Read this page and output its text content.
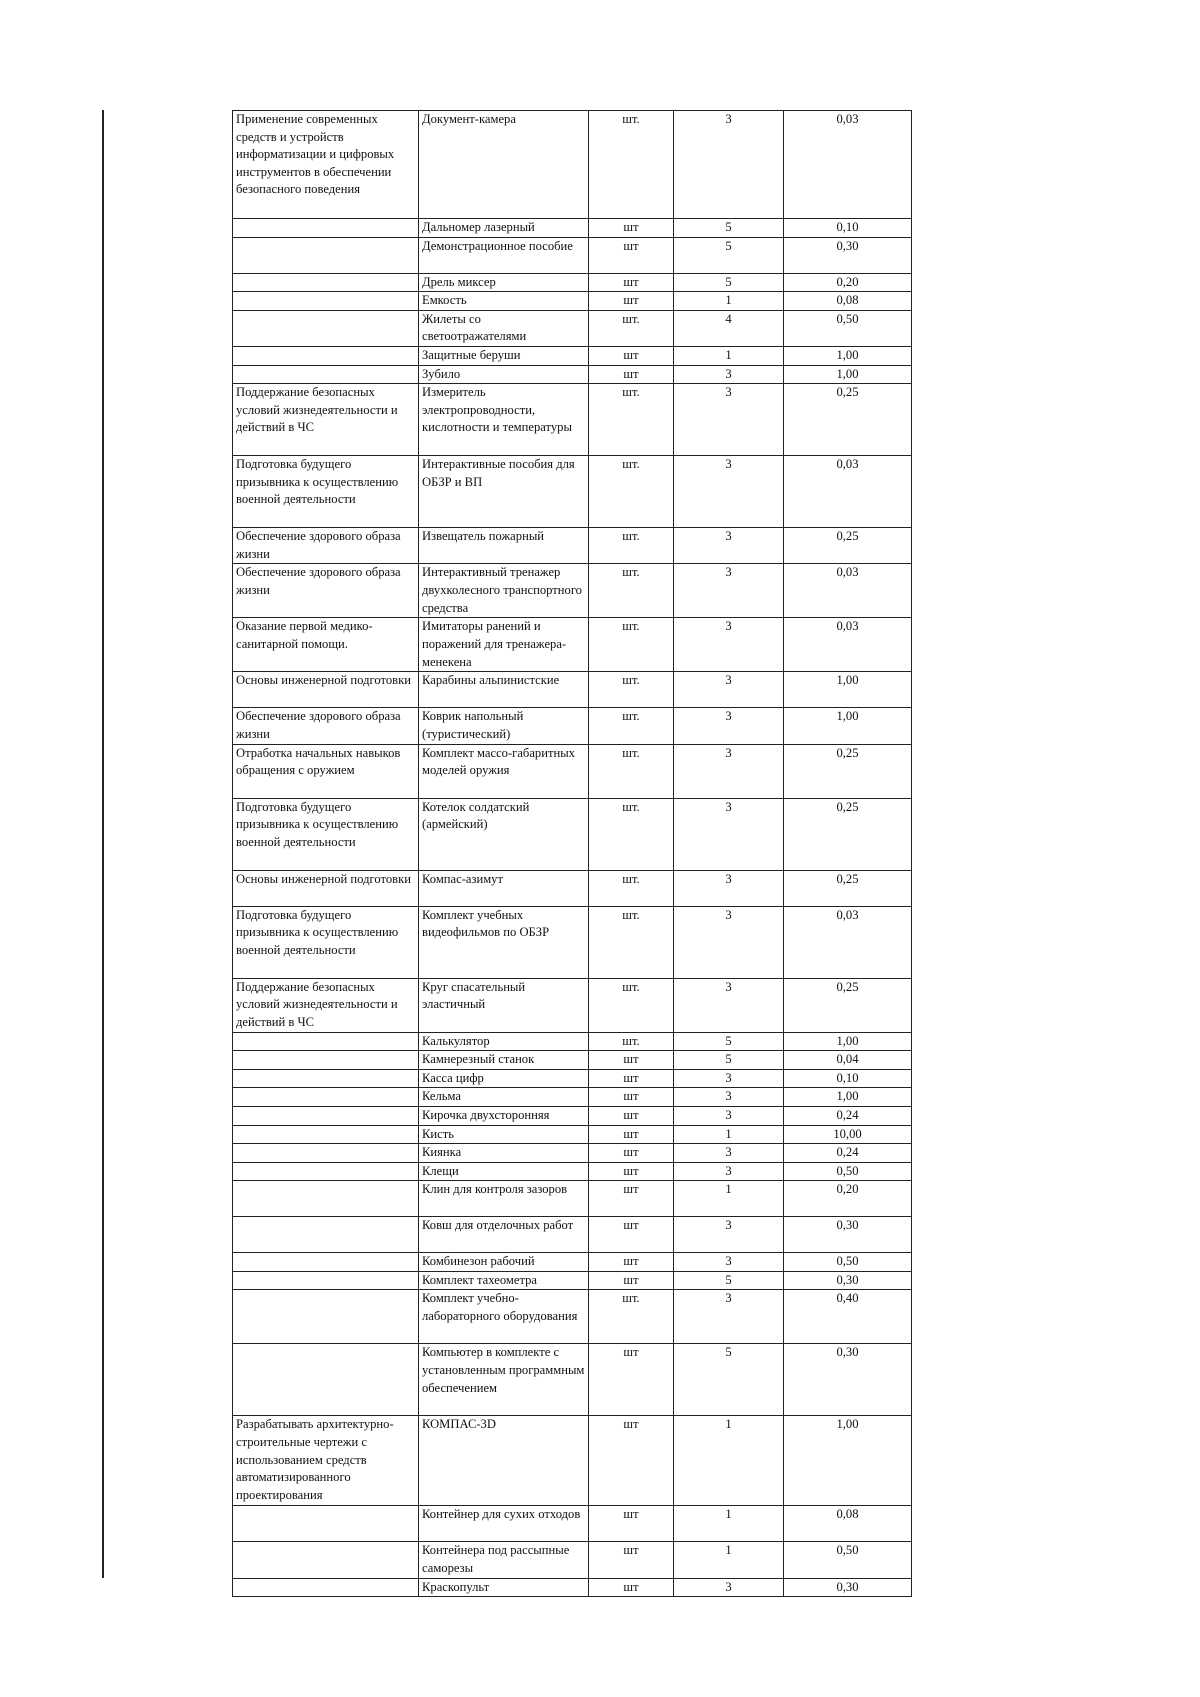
Применение современных средств и устройств информатизации и цифровых инструментов в обеспечении безопасного поведения	Документ-камера	шт.	3	0,03
	Дальномер лазерный	шт	5	0,10
	Демонстрационное пособие	шт	5	0,30
	Дрель миксер	шт	5	0,20
	Емкость	шт	1	0,08
	Жилеты со светоотражателями	шт.	4	0,50
	Защитные беруши	шт	1	1,00
	Зубило	шт	3	1,00
Поддержание безопасных условий жизнедеятельности и действий в ЧС	Измеритель электропроводности, кислотности и температуры	шт.	3	0,25
Подготовка будущего призывника к осуществлению военной деятельности	Интерактивные пособия для ОБЗР и ВП	шт.	3	0,03
Обеспечение здорового образа жизни	Извещатель пожарный	шт.	3	0,25
Обеспечение здорового образа жизни	Интерактивный тренажер двухколесного транспортного средства	шт.	3	0,03
Оказание первой медико-санитарной помощи.	Имитаторы ранений и поражений для тренажера-менекена	шт.	3	0,03
Основы инженерной подготовки	Карабины альпинистские	шт.	3	1,00
Обеспечение здорового образа жизни	Коврик напольный (туристический)	шт.	3	1,00
Отработка начальных навыков обращения с оружием	Комплект массо-габаритных моделей оружия	шт.	3	0,25
Подготовка будущего призывника к осуществлению военной деятельности	Котелок солдатский (армейский)	шт.	3	0,25
Основы инженерной подготовки	Компас-азимут	шт.	3	0,25
Подготовка будущего призывника к осуществлению военной деятельности	Комплект учебных видеофильмов по ОБЗР	шт.	3	0,03
Поддержание безопасных условий жизнедеятельности и действий в ЧС	Круг спасательный эластичный	шт.	3	0,25
	Калькулятор	шт.	5	1,00
	Камнерезный станок	шт	5	0,04
	Касса цифр	шт	3	0,10
	Кельма	шт	3	1,00
	Кирочка двухсторонняя	шт	3	0,24
	Кисть	шт	1	10,00
	Киянка	шт	3	0,24
	Клещи	шт	3	0,50
	Клин для контроля зазоров	шт	1	0,20
	Ковш для отделочных работ	шт	3	0,30
	Комбинезон рабочий	шт	3	0,50
	Комплект тахеометра	шт	5	0,30
	Комплект учебно-лабораторного оборудования	шт.	3	0,40
	Компьютер в комплекте с установленным программным обеспечением	шт	5	0,30
Разрабатывать архитектурно-строительные чертежи с использованием средств автоматизированного проектирования	КОМПАС-3D	шт	1	1,00
	Контейнер для сухих отходов	шт	1	0,08
	Контейнера под рассыпные саморезы	шт	1	0,50
	Краскопульт	шт	3	0,30
